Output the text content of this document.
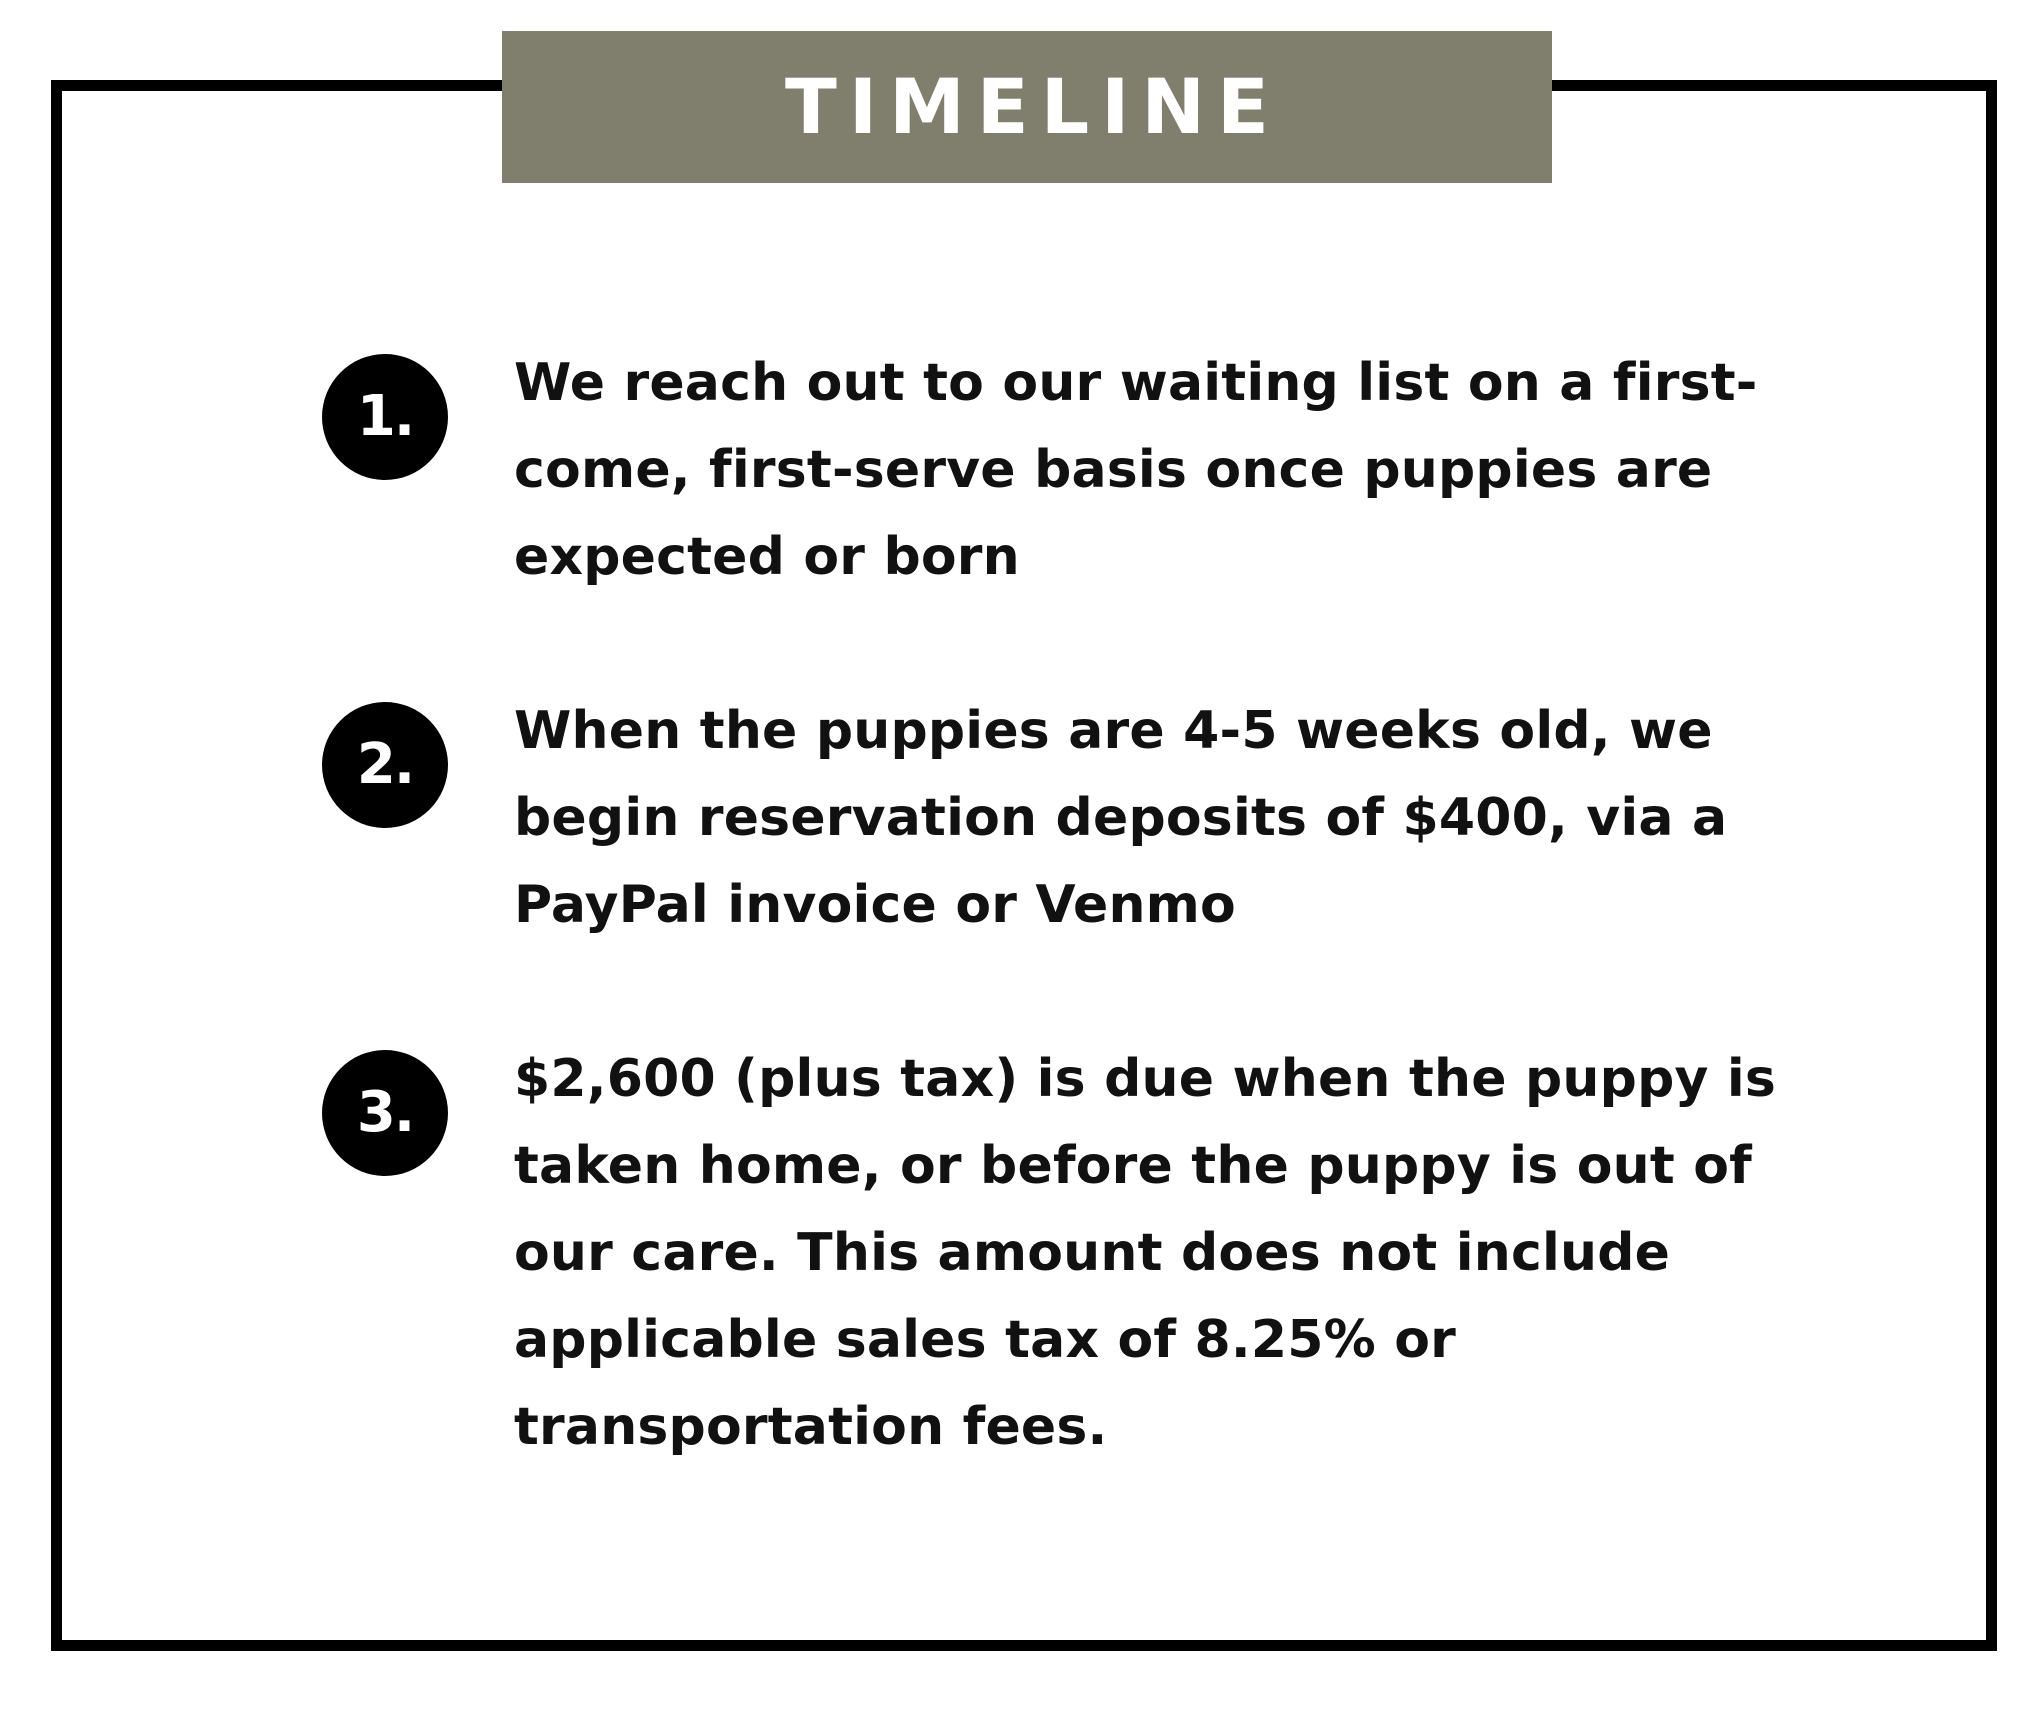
TIMELINE
1.
We reach out to our waiting list on a first-come, first-serve basis once puppies are expected or born
2.
When the puppies are 4-5 weeks old, we begin reservation deposits of $400, via a PayPal invoice or Venmo
3.
$2,600 (plus tax) is due when the puppy is taken home, or before the puppy is out of our care. This amount does not include applicable sales tax of 8.25% or transportation fees.
